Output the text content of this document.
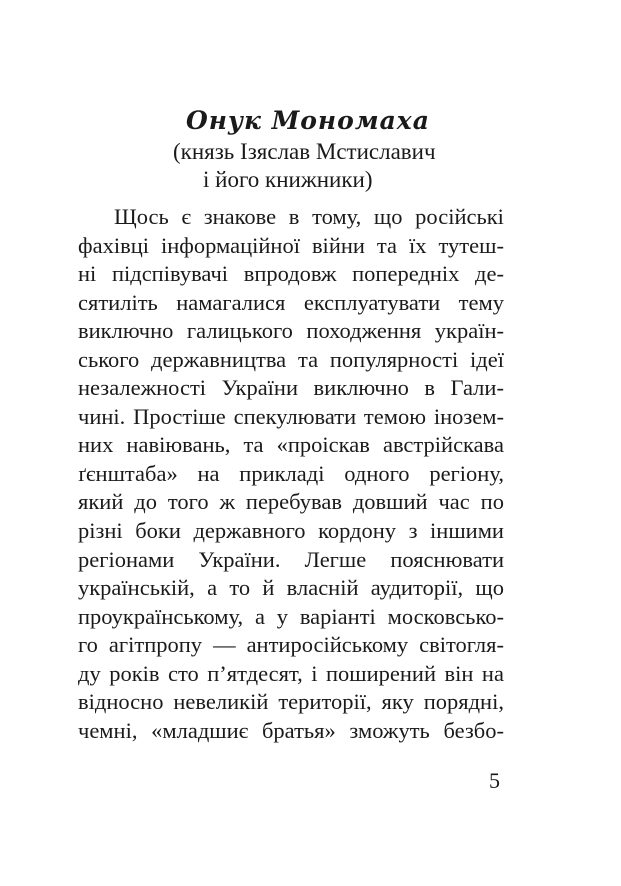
Онук Мономаха
(князь Ізяслав Мстиславич
і його книжники)
Щось є знакове в тому, що російські
фахівці інформаційної війни та їх тутеш-
ні підспівувачі впродовж попередніх де-
сятиліть намагалися експлуатувати тему
виключно галицького походження україн-
ського державництва та популярності ідеї
незалежності України виключно в Гали-
чині. Простіше спекулювати темою інозем-
них навіювань, та «проіскав австрійскава
ґєнштаба» на прикладі одного регіону,
який до того ж перебував довший час по
різні боки державного кордону з іншими
регіонами України. Легше пояснювати
українській, а то й власній аудиторії, що
проукраїнському, а у варіанті московсько-
го агітпропу — антиросійському світогля-
ду років сто п’ятдесят, і поширений він на
відносно невеликій території, яку порядні,
чемні, «младшиє братья» зможуть безбо-
5
